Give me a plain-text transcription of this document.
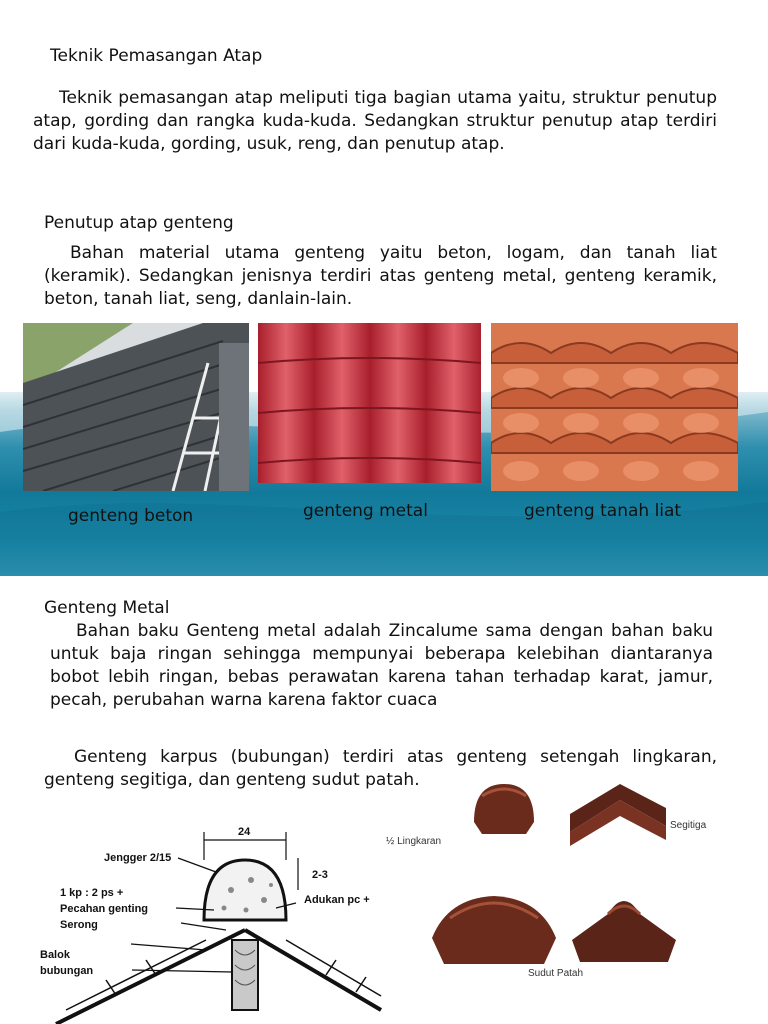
Teknik Pemasangan Atap
Teknik pemasangan atap meliputi tiga bagian utama yaitu, struktur penutup atap, gording dan rangka kuda-kuda. Sedangkan struktur penutup atap terdiri dari kuda-kuda, gording, usuk, reng, dan penutup atap.
Penutup atap genteng
Bahan material utama genteng yaitu beton, logam, dan tanah liat (keramik). Sedangkan jenisnya terdiri atas genteng metal, genteng keramik, beton, tanah liat, seng, danlain-lain.
genteng beton	genteng metal	genteng tanah liat
Genteng Metal
Bahan baku Genteng metal adalah Zincalume sama dengan bahan baku untuk baja ringan sehingga mempunyai beberapa kelebihan diantaranya bobot lebih ringan, bebas perawatan karena tahan terhadap karat, jamur, pecah, perubahan warna karena faktor cuaca
Genteng karpus (bubungan) terdiri atas genteng setengah lingkaran, genteng segitiga, dan genteng sudut patah.
24
Jengger 2/15
2-3
1 kp : 2 ps +
Pecahan genting
Serong
Adukan pc +
Balok
bubungan
½ Lingkaran
Segitiga
Sudut Patah
